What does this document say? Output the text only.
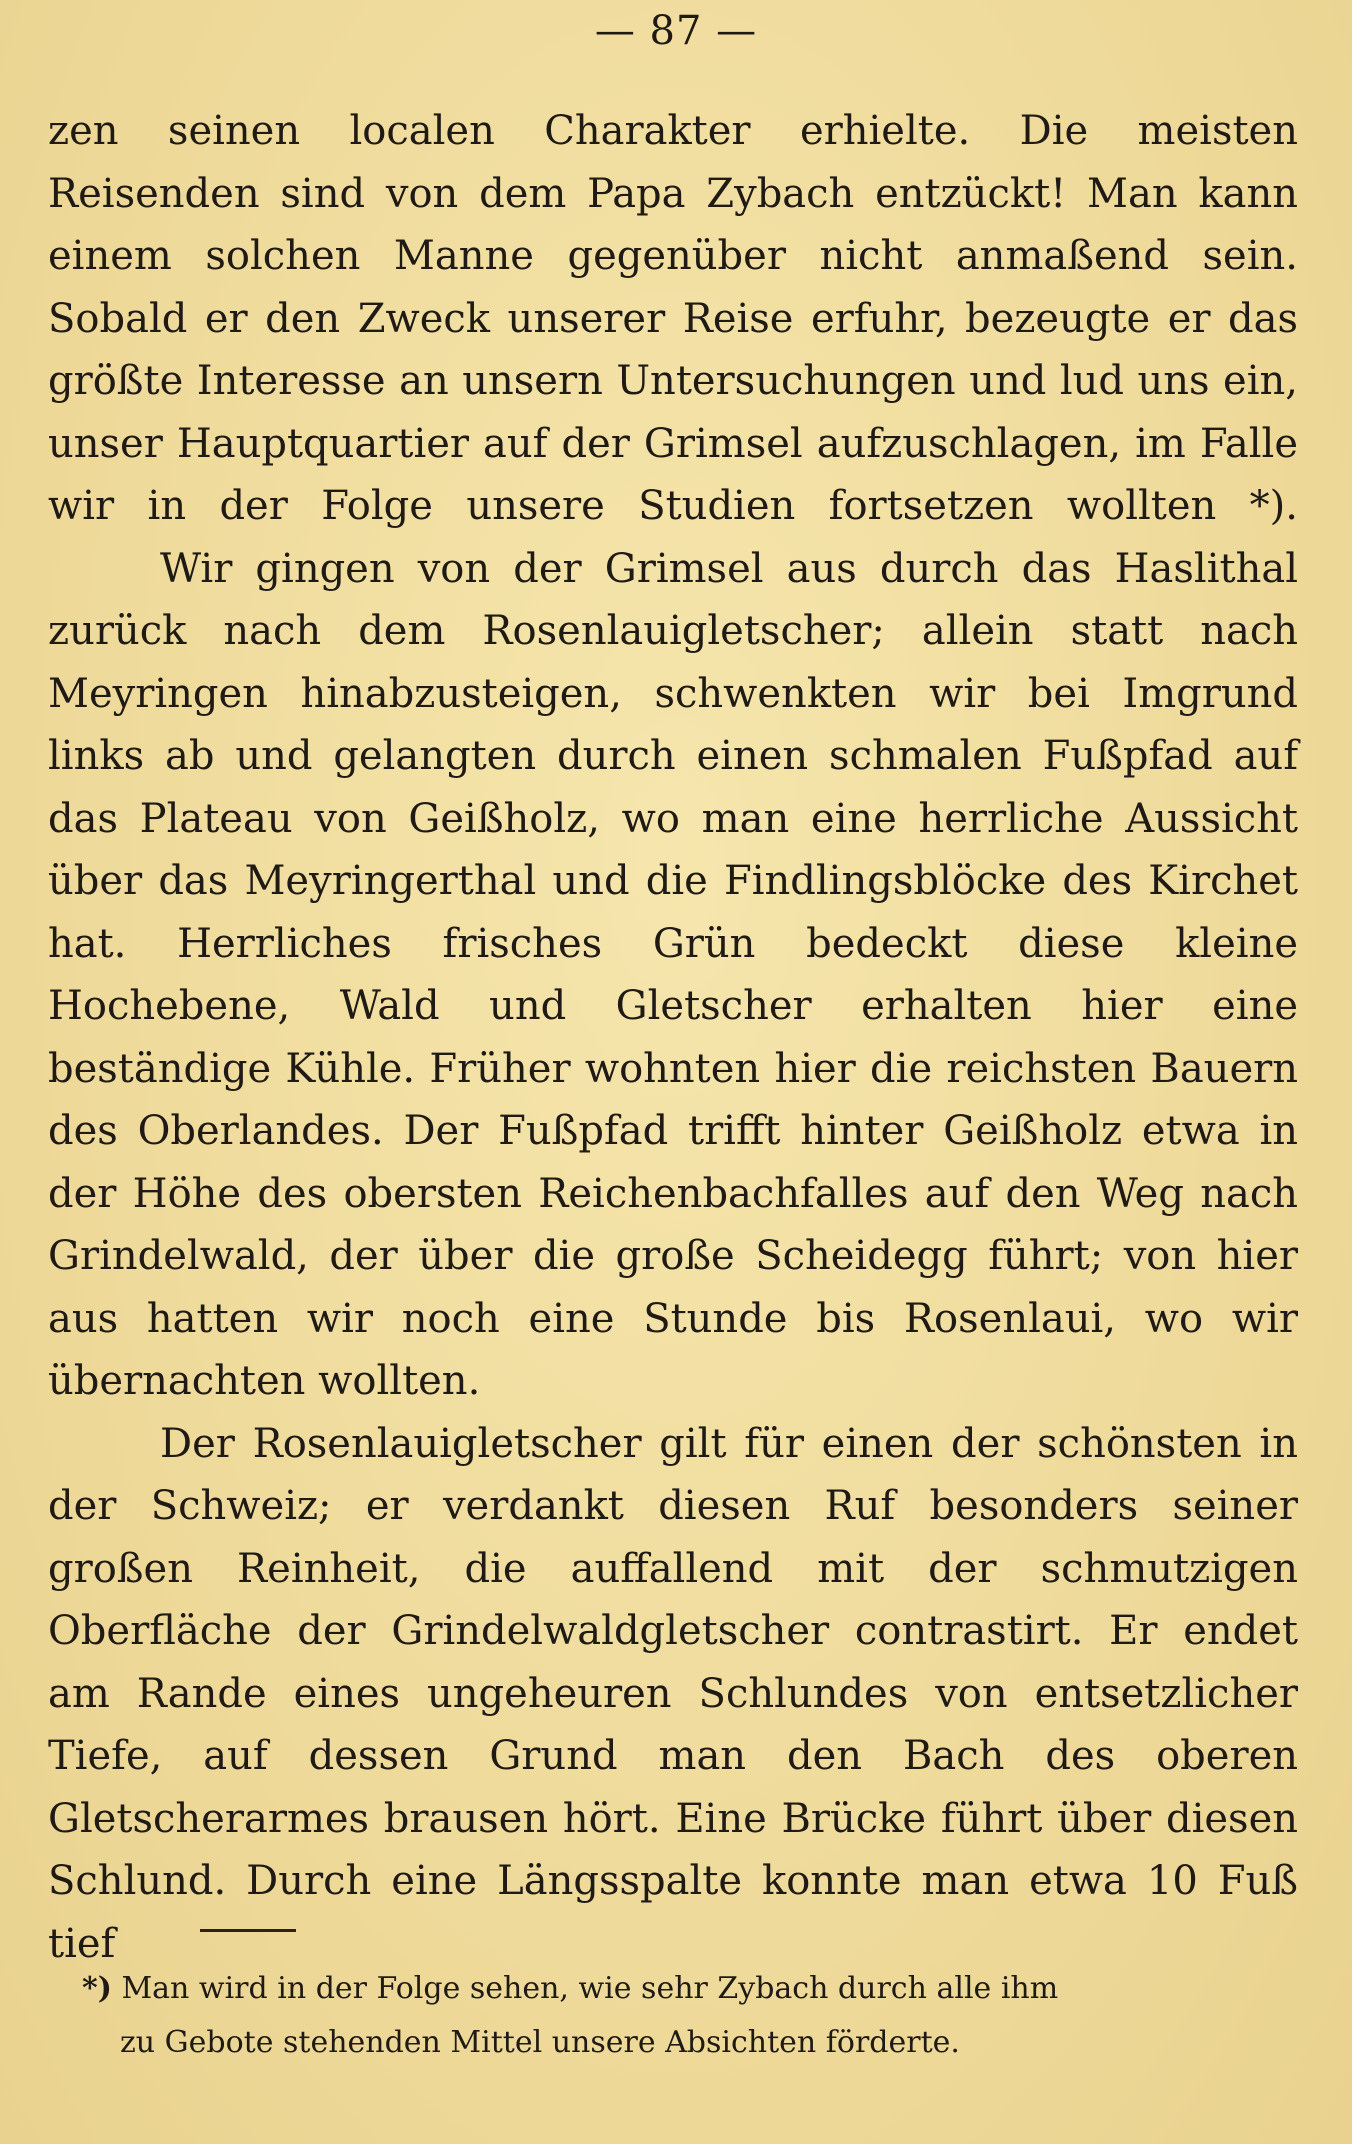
— 87 —

zen seinen localen Charakter erhielte. Die meisten Reisenden sind von dem Papa Zybach entzückt! Man kann einem solchen Manne gegenüber nicht anmaßend sein. Sobald er den Zweck unserer Reise erfuhr, bezeugte er das größte Interesse an unsern Untersuchungen und lud uns ein, unser Hauptquartier auf der Grimsel aufzuschlagen, im Falle wir in der Folge unsere Studien fortsetzen wollten *).

Wir gingen von der Grimsel aus durch das Haslithal zurück nach dem Rosenlauigletscher; allein statt nach Meyringen hinabzusteigen, schwenkten wir bei Imgrund links ab und gelangten durch einen schmalen Fußpfad auf das Plateau von Geißholz, wo man eine herrliche Aussicht über das Meyringerthal und die Findlingsblöcke des Kirchet hat. Herrliches frisches Grün bedeckt diese kleine Hochebene, Wald und Gletscher erhalten hier eine beständige Kühle. Früher wohnten hier die reichsten Bauern des Oberlandes. Der Fußpfad trifft hinter Geißholz etwa in der Höhe des obersten Reichenbachfalles auf den Weg nach Grindelwald, der über die große Scheidegg führt; von hier aus hatten wir noch eine Stunde bis Rosenlaui, wo wir übernachten wollten.

Der Rosenlauigletscher gilt für einen der schönsten in der Schweiz; er verdankt diesen Ruf besonders seiner großen Reinheit, die auffallend mit der schmutzigen Oberfläche der Grindelwaldgletscher contrastirt. Er endet am Rande eines ungeheuren Schlundes von entsetzlicher Tiefe, auf dessen Grund man den Bach des oberen Gletscherarmes brausen hört. Eine Brücke führt über diesen Schlund. Durch eine Längsspalte konnte man etwa 10 Fuß tief

*) Man wird in der Folge sehen, wie sehr Zybach durch alle ihm
zu Gebote stehenden Mittel unsere Absichten förderte.
